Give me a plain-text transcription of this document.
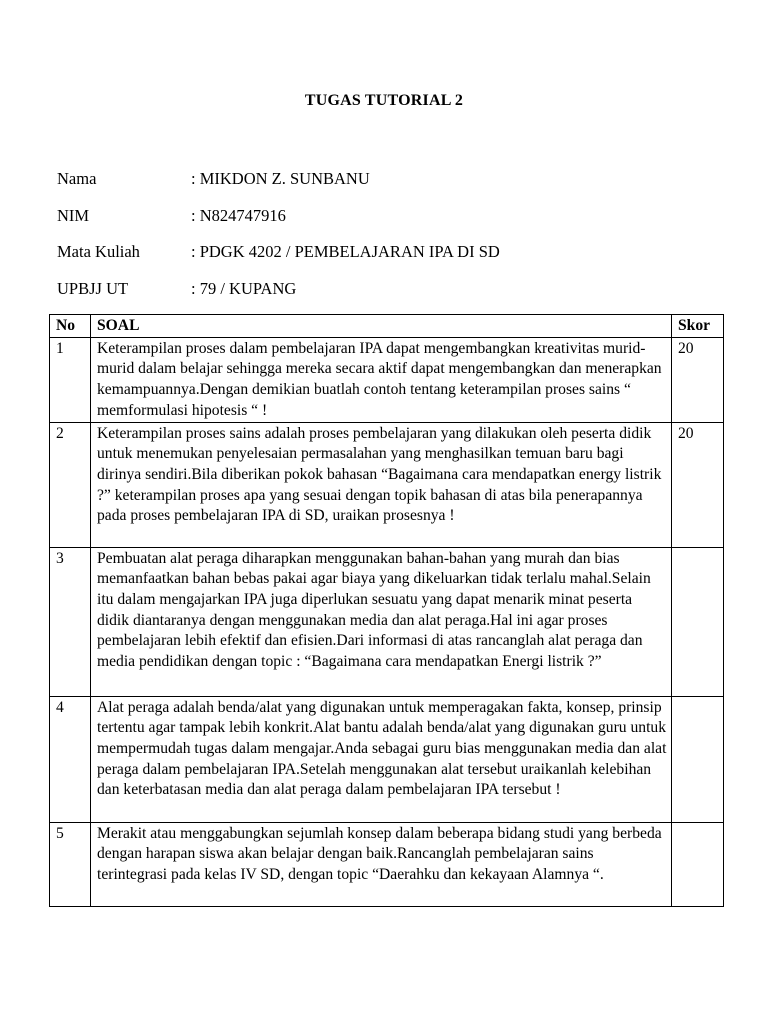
TUGAS TUTORIAL 2
Nama	: MIKDON Z. SUNBANU
NIM	: N824747916
Mata Kuliah	: PDGK 4202 / PEMBELAJARAN IPA DI SD
UPBJJ UT	: 79 / KUPANG
No	SOAL	Skor
1	Keterampilan proses dalam pembelajaran IPA dapat mengembangkan kreativitas murid-murid dalam belajar sehingga mereka secara aktif dapat mengembangkan dan menerapkan kemampuannya.Dengan demikian buatlah contoh tentang keterampilan proses sains “ memformulasi hipotesis “ !	20
2	Keterampilan proses sains adalah proses pembelajaran yang dilakukan oleh peserta didik untuk menemukan penyelesaian permasalahan yang menghasilkan temuan baru bagi dirinya sendiri.Bila diberikan pokok bahasan “Bagaimana cara mendapatkan energy listrik ?” keterampilan proses apa yang sesuai dengan topik bahasan di atas bila penerapannya pada proses pembelajaran IPA di SD, uraikan prosesnya !	20
3	Pembuatan alat peraga diharapkan menggunakan bahan-bahan yang murah dan bias memanfaatkan bahan bebas pakai agar biaya yang dikeluarkan tidak terlalu mahal.Selain itu dalam mengajarkan IPA juga diperlukan sesuatu yang dapat menarik minat peserta didik diantaranya dengan menggunakan media dan alat peraga.Hal ini agar proses pembelajaran lebih efektif dan efisien.Dari informasi di atas rancanglah alat peraga dan media pendidikan dengan topic : “Bagaimana cara mendapatkan Energi listrik ?”	
4	Alat peraga adalah benda/alat yang digunakan untuk memperagakan fakta, konsep, prinsip tertentu agar tampak lebih konkrit.Alat bantu adalah benda/alat yang digunakan guru untuk mempermudah tugas dalam mengajar.Anda sebagai guru bias menggunakan media dan alat peraga dalam pembelajaran IPA.Setelah menggunakan alat tersebut uraikanlah kelebihan dan keterbatasan media dan alat peraga dalam pembelajaran IPA tersebut !	
5	Merakit atau menggabungkan sejumlah konsep dalam beberapa bidang studi yang berbeda dengan harapan siswa akan belajar dengan baik.Rancanglah pembelajaran sains terintegrasi pada kelas IV SD, dengan topic “Daerahku dan kekayaan Alamnya “.	
